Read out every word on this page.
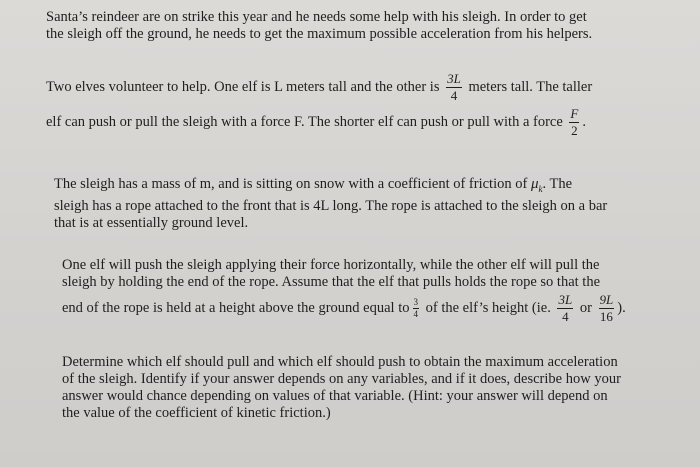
Santa’s reindeer are on strike this year and he needs some help with his sleigh. In order to get
the sleigh off the ground, he needs to get the maximum possible acceleration from his helpers.
Two elves volunteer to help. One elf is L meters tall and the other is $\frac{3L}{4}$ meters tall. The taller
elf can push or pull the sleigh with a force F. The shorter elf can push or pull with a force $\frac{F}{2}$ .
The sleigh has a mass of m, and is sitting on snow with a coefficient of friction of $\mu_k$. The
sleigh has a rope attached to the front that is 4L long. The rope is attached to the sleigh on a bar
that is at essentially ground level.
One elf will push the sleigh applying their force horizontally, while the other elf will pull the
sleigh by holding the end of the rope. Assume that the elf that pulls holds the rope so that the
end of the rope is held at a height above the ground equal to $\frac{3}{4}$ of the elf’s height (ie. $\frac{3L}{4}$ or $\frac{9L}{16}$ ).
Determine which elf should pull and which elf should push to obtain the maximum acceleration
of the sleigh. Identify if your answer depends on any variables, and if it does, describe how your
answer would chance depending on values of that variable. (Hint: your answer will depend on
the value of the coefficient of kinetic friction.)
